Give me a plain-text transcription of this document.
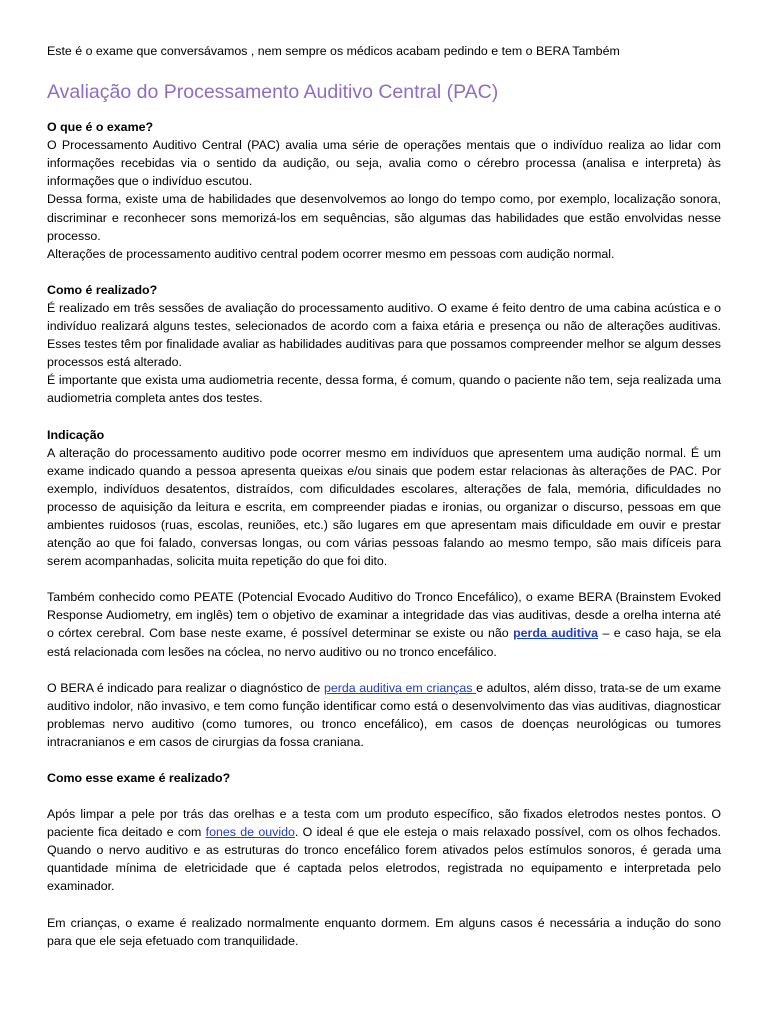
Este é o exame que conversávamos , nem sempre os médicos acabam pedindo e tem o BERA Também

Avaliação do Processamento Auditivo Central (PAC)

O que é o exame?

O Processamento Auditivo Central (PAC) avalia uma série de operações mentais que o indivíduo realiza ao lidar com informações recebidas via o sentido da audição, ou seja, avalia como o cérebro processa (analisa e interpreta) às informações que o indivíduo escutou.

Dessa forma, existe uma de habilidades que desenvolvemos ao longo do tempo como, por exemplo, localização sonora, discriminar e reconhecer sons memorizá-los em sequências, são algumas das habilidades que estão envolvidas nesse processo.

Alterações de processamento auditivo central podem ocorrer mesmo em pessoas com audição normal.

Como é realizado?

É realizado em três sessões de avaliação do processamento auditivo. O exame é feito dentro de uma cabina acústica e o indivíduo realizará alguns testes, selecionados de acordo com a faixa etária e presença ou não de alterações auditivas. Esses testes têm por finalidade avaliar as habilidades auditivas para que possamos compreender melhor se algum desses processos está alterado.

É importante que exista uma audiometria recente, dessa forma, é comum, quando o paciente não tem, seja realizada uma audiometria completa antes dos testes.

Indicação

A alteração do processamento auditivo pode ocorrer mesmo em indivíduos que apresentem uma audição normal. É um exame indicado quando a pessoa apresenta queixas e/ou sinais que podem estar relacionas às alterações de PAC. Por exemplo, indivíduos desatentos, distraídos, com dificuldades escolares, alterações de fala, memória, dificuldades no processo de aquisição da leitura e escrita, em compreender piadas e ironias, ou organizar o discurso, pessoas em que ambientes ruidosos (ruas, escolas, reuniões, etc.) são lugares em que apresentam mais dificuldade em ouvir e prestar atenção ao que foi falado, conversas longas, ou com várias pessoas falando ao mesmo tempo, são mais difíceis para serem acompanhadas, solicita muita repetição do que foi dito.

Também conhecido como PEATE (Potencial Evocado Auditivo do Tronco Encefálico), o exame BERA (Brainstem Evoked Response Audiometry, em inglês) tem o objetivo de examinar a integridade das vias auditivas, desde a orelha interna até o córtex cerebral. Com base neste exame, é possível determinar se existe ou não perda auditiva – e caso haja, se ela está relacionada com lesões na cóclea, no nervo auditivo ou no tronco encefálico.

O BERA é indicado para realizar o diagnóstico de perda auditiva em crianças e adultos, além disso, trata-se de um exame auditivo indolor, não invasivo, e tem como função identificar como está o desenvolvimento das vias auditivas, diagnosticar problemas nervo auditivo (como tumores, ou tronco encefálico), em casos de doenças neurológicas ou tumores intracranianos e em casos de cirurgias da fossa craniana.

Como esse exame é realizado?

Após limpar a pele por trás das orelhas e a testa com um produto específico, são fixados eletrodos nestes pontos. O paciente fica deitado e com fones de ouvido. O ideal é que ele esteja o mais relaxado possível, com os olhos fechados. Quando o nervo auditivo e as estruturas do tronco encefálico forem ativados pelos estímulos sonoros, é gerada uma quantidade mínima de eletricidade que é captada pelos eletrodos, registrada no equipamento e interpretada pelo examinador.

Em crianças, o exame é realizado normalmente enquanto dormem. Em alguns casos é necessária a indução do sono para que ele seja efetuado com tranquilidade.
